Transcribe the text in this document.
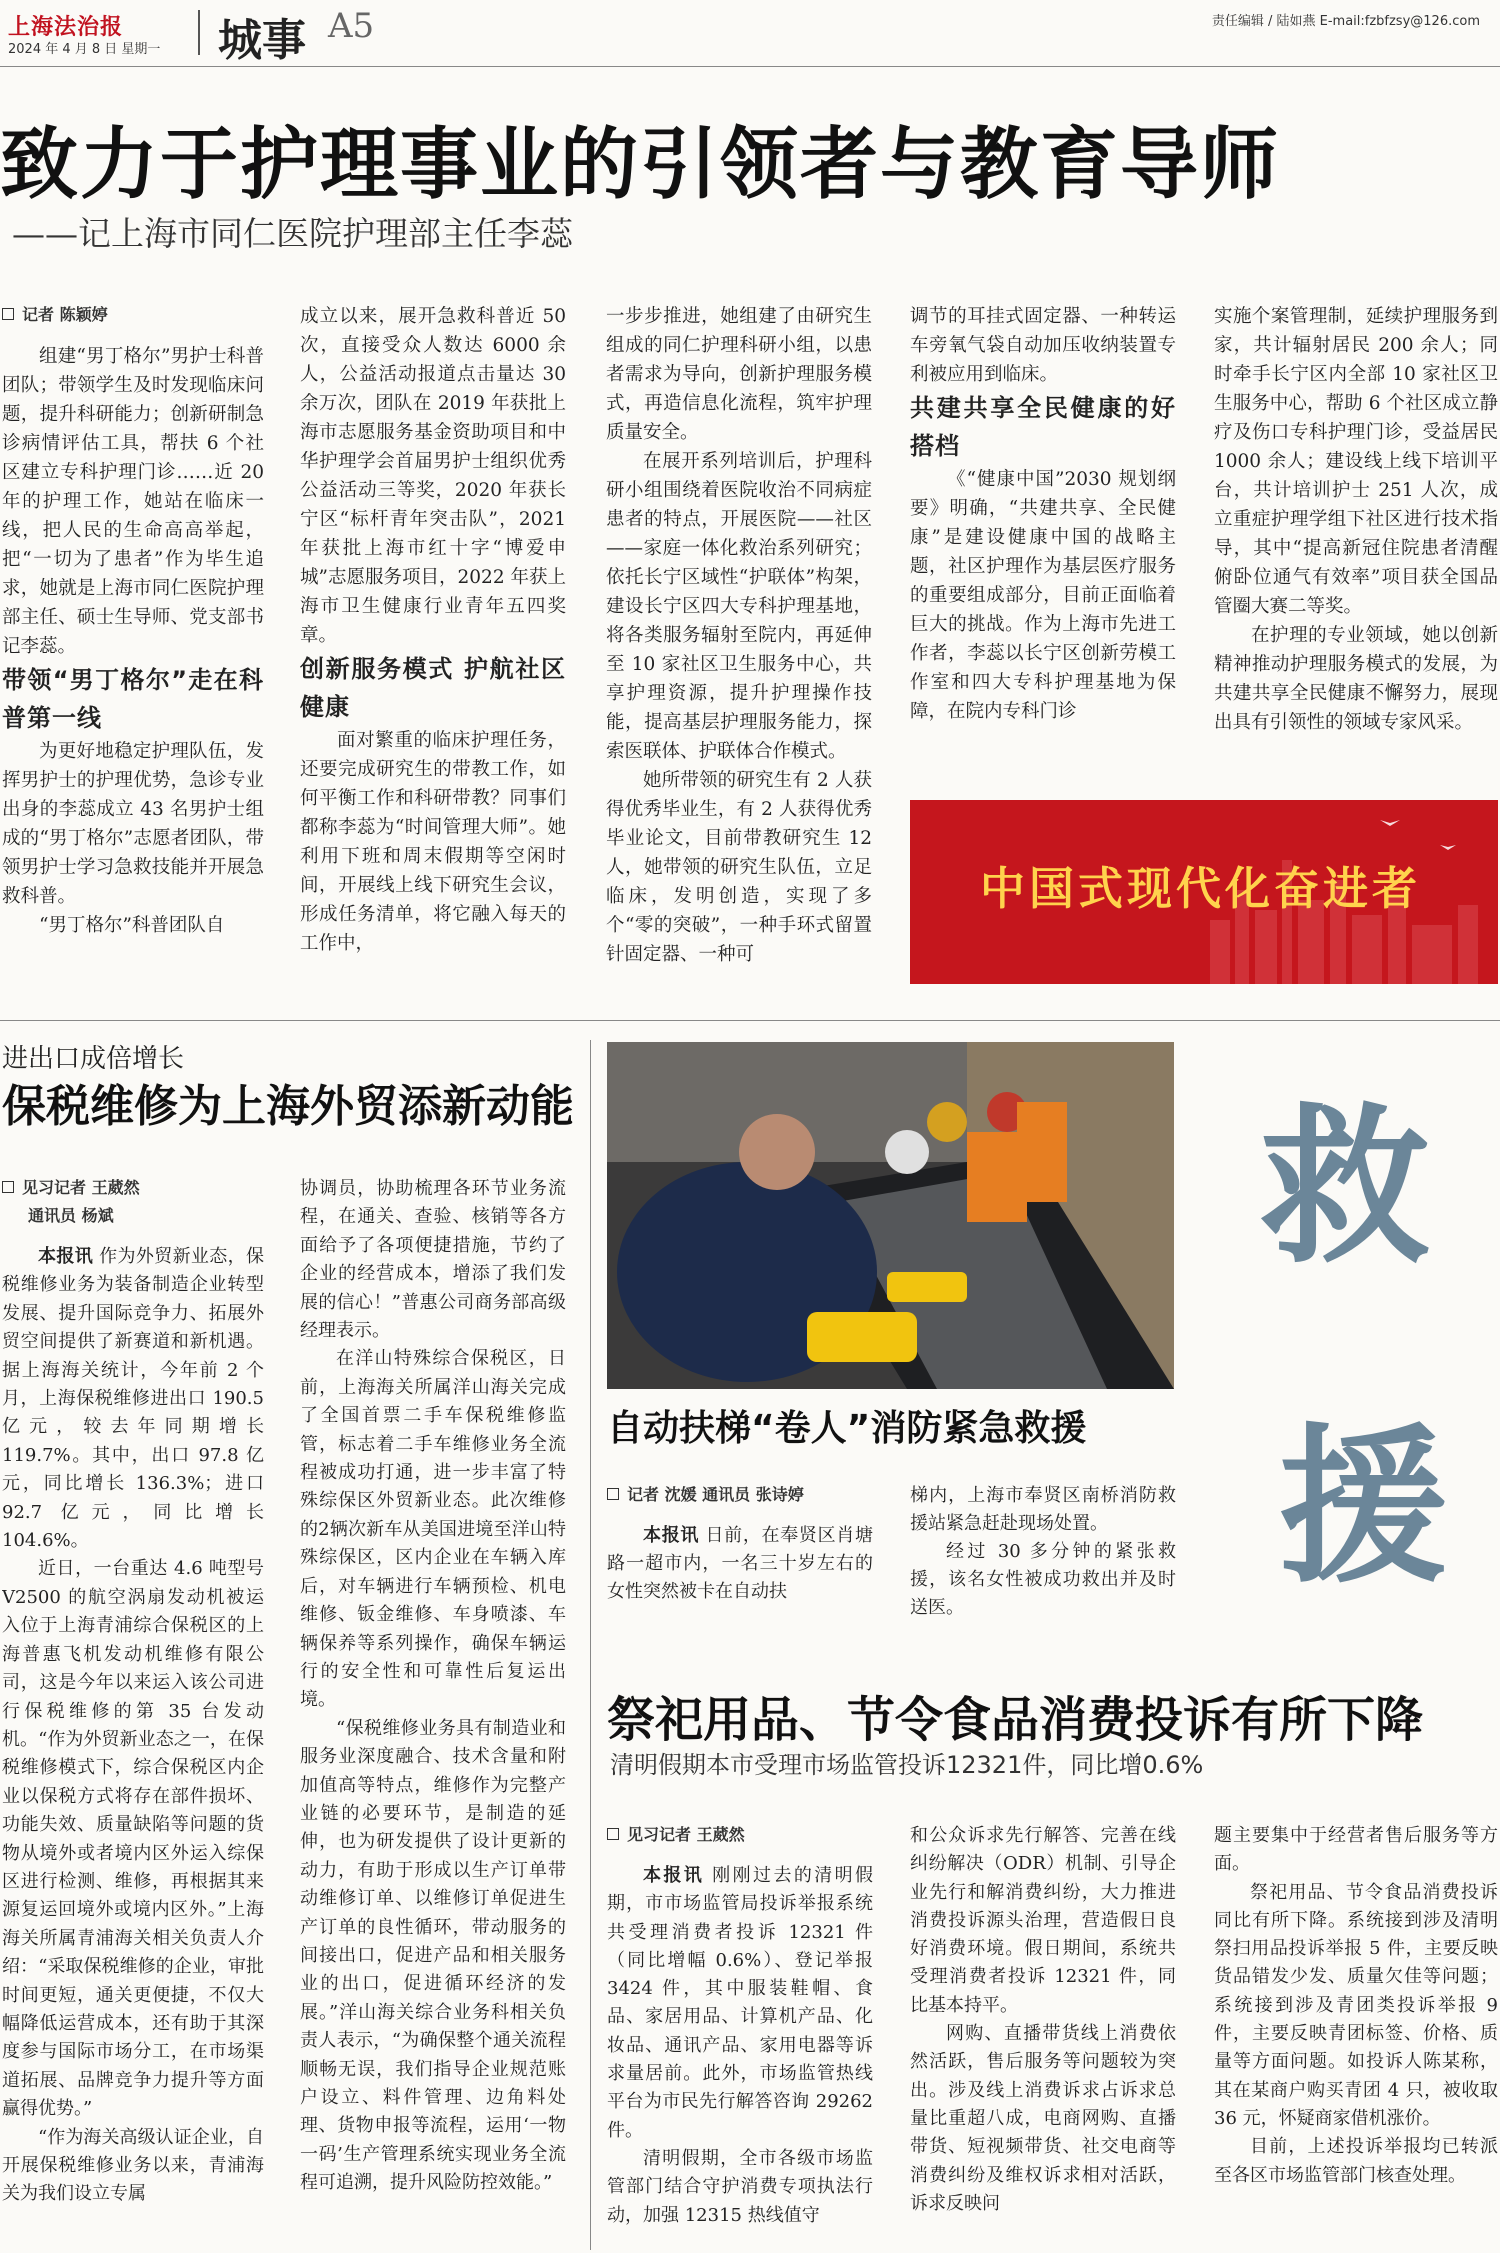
上海法治报
2024 年 4 月 8 日 星期一 城事 A5	责任编辑 / 陆如燕 E-mail:fzbfzsy@126.com
致力于护理事业的引领者与教育导师
——记上海市同仁医院护理部主任李蕊
记者 陈颖婷

组建“男丁格尔”男护士科普团队；带领学生及时发现临床问题，提升科研能力；创新研制急诊病情评估工具，帮扶 6 个社区建立专科护理门诊……近 20 年的护理工作，她站在临床一线，把人民的生命高高举起，把“一切为了患者”作为毕生追求，她就是上海市同仁医院护理部主任、硕士生导师、党支部书记李蕊。

带领“男丁格尔”走在科普第一线

为更好地稳定护理队伍，发挥男护士的护理优势，急诊专业出身的李蕊成立 43 名男护士组成的“男丁格尔”志愿者团队，带领男护士学习急救技能并开展急救科普。

“男丁格尔”科普团队自

成立以来，展开急救科普近 50 次，直接受众人数达 6000 余人，公益活动报道点击量达 30 余万次，团队在 2019 年获批上海市志愿服务基金资助项目和中华护理学会首届男护士组织优秀公益活动三等奖，2020 年获长宁区“标杆青年突击队”，2021 年获批上海市红十字“博爱申城”志愿服务项目，2022 年获上海市卫生健康行业青年五四奖章。

创新服务模式 护航社区健康

面对繁重的临床护理任务，还要完成研究生的带教工作，如何平衡工作和科研带教？同事们都称李蕊为“时间管理大师”。她利用下班和周末假期等空闲时间，开展线上线下研究生会议，形成任务清单，将它融入每天的工作中，

一步步推进，她组建了由研究生组成的同仁护理科研小组，以患者需求为导向，创新护理服务模式，再造信息化流程，筑牢护理质量安全。

在展开系列培训后，护理科研小组围绕着医院收治不同病症患者的特点，开展医院——社区——家庭一体化救治系列研究；依托长宁区域性“护联体”构架，建设长宁区四大专科护理基地，将各类服务辐射至院内，再延伸至 10 家社区卫生服务中心，共享护理资源，提升护理操作技能，提高基层护理服务能力，探索医联体、护联体合作模式。

她所带领的研究生有 2 人获得优秀毕业生，有 2 人获得优秀毕业论文，目前带教研究生 12 人，她带领的研究生队伍，立足临床，发明创造，实现了多个“零的突破”，一种手环式留置针固定器、一种可

调节的耳挂式固定器、一种转运车旁氧气袋自动加压收纳装置专利被应用到临床。

共建共享全民健康的好搭档

《“健康中国”2030 规划纲要》明确，“共建共享、全民健康”是建设健康中国的战略主题，社区护理作为基层医疗服务的重要组成部分，目前正面临着巨大的挑战。作为上海市先进工作者，李蕊以长宁区创新劳模工作室和四大专科护理基地为保障，在院内专科门诊

实施个案管理制，延续护理服务到家，共计辐射居民 200 余人；同时牵手长宁区内全部 10 家社区卫生服务中心，帮助 6 个社区成立静疗及伤口专科护理门诊，受益居民 1000 余人；建设线上线下培训平台，共计培训护士 251 人次，成立重症护理学组下社区进行技术指导，其中“提高新冠住院患者清醒俯卧位通气有效率”项目获全国品管圈大赛二等奖。

在护理的专业领域，她以创新精神推动护理服务模式的发展，为共建共享全民健康不懈努力，展现出具有引领性的领域专家风采。

中国式现代化奋进者
进出口成倍增长
保税维修为上海外贸添新动能
见习记者 王葳然
通讯员 杨斌

本报讯 作为外贸新业态，保税维修业务为装备制造企业转型发展、提升国际竞争力、拓展外贸空间提供了新赛道和新机遇。据上海海关统计，今年前 2 个月，上海保税维修进出口 190.5 亿元，较去年同期增长 119.7%。其中，出口 97.8 亿元，同比增长 136.3%；进口 92.7 亿元，同比增长 104.6%。

近日，一台重达 4.6 吨型号 V2500 的航空涡扇发动机被运入位于上海青浦综合保税区的上海普惠飞机发动机维修有限公司，这是今年以来运入该公司进行保税维修的第 35 台发动机。“作为外贸新业态之一，在保税维修模式下，综合保税区内企业以保税方式将存在部件损坏、功能失效、质量缺陷等问题的货物从境外或者境内区外运入综保区进行检测、维修，再根据其来源复运回境外或境内区外。”上海海关所属青浦海关相关负责人介绍：“采取保税维修的企业，审批时间更短，通关更便捷，不仅大幅降低运营成本，还有助于其深度参与国际市场分工，在市场渠道拓展、品牌竞争力提升等方面赢得优势。”

“作为海关高级认证企业，自开展保税维修业务以来，青浦海关为我们设立专属

协调员，协助梳理各环节业务流程，在通关、查验、核销等各方面给予了各项便捷措施，节约了企业的经营成本，增添了我们发展的信心！”普惠公司商务部高级经理表示。

在洋山特殊综合保税区，日前，上海海关所属洋山海关完成了全国首票二手车保税维修监管，标志着二手车维修业务全流程被成功打通，进一步丰富了特殊综保区外贸新业态。此次维修的2辆次新车从美国进境至洋山特殊综保区，区内企业在车辆入库后，对车辆进行车辆预检、机电维修、钣金维修、车身喷漆、车辆保养等系列操作，确保车辆运行的安全性和可靠性后复运出境。

“保税维修业务具有制造业和服务业深度融合、技术含量和附加值高等特点，维修作为完整产业链的必要环节，是制造的延伸，也为研发提供了设计更新的动力，有助于形成以生产订单带动维修订单、以维修订单促进生产订单的良性循环，带动服务的间接出口，促进产品和相关服务业的出口，促进循环经济的发展。”洋山海关综合业务科相关负责人表示，“为确保整个通关流程顺畅无误，我们指导企业规范账户设立、料件管理、边角料处理、货物申报等流程，运用‘一物一码’生产管理系统实现业务全流程可追溯，提升风险防控效能。”

自动扶梯“卷人”消防紧急救援
救
援
记者 沈媛 通讯员 张诗婷

本报讯 日前，在奉贤区肖塘路一超市内，一名三十岁左右的女性突然被卡在自动扶

梯内，上海市奉贤区南桥消防救援站紧急赶赴现场处置。

经过 30 多分钟的紧张救援，该名女性被成功救出并及时送医。

祭祀用品、节令食品消费投诉有所下降
清明假期本市受理市场监管投诉12321件，同比增0.6%
见习记者 王葳然

本报讯 刚刚过去的清明假期，市市场监管局投诉举报系统共受理消费者投诉 12321 件（同比增幅 0.6%）、登记举报 3424 件，其中服装鞋帽、食品、家居用品、计算机产品、化妆品、通讯产品、家用电器等诉求量居前。此外，市场监管热线平台为市民先行解答咨询 29262 件。

清明假期，全市各级市场监管部门结合守护消费专项执法行动，加强 12315 热线值守

和公众诉求先行解答、完善在线纠纷解决（ODR）机制、引导企业先行和解消费纠纷，大力推进消费投诉源头治理，营造假日良好消费环境。假日期间，系统共受理消费者投诉 12321 件，同比基本持平。

网购、直播带货线上消费依然活跃，售后服务等问题较为突出。涉及线上消费诉求占诉求总量比重超八成，电商网购、直播带货、短视频带货、社交电商等消费纠纷及维权诉求相对活跃，诉求反映问

题主要集中于经营者售后服务等方面。

祭祀用品、节令食品消费投诉同比有所下降。系统接到涉及清明祭扫用品投诉举报 5 件，主要反映货品错发少发、质量欠佳等问题；系统接到涉及青团类投诉举报 9 件，主要反映青团标签、价格、质量等方面问题。如投诉人陈某称，其在某商户购买青团 4 只，被收取 36 元，怀疑商家借机涨价。

目前，上述投诉举报均已转派至各区市场监管部门核查处理。
